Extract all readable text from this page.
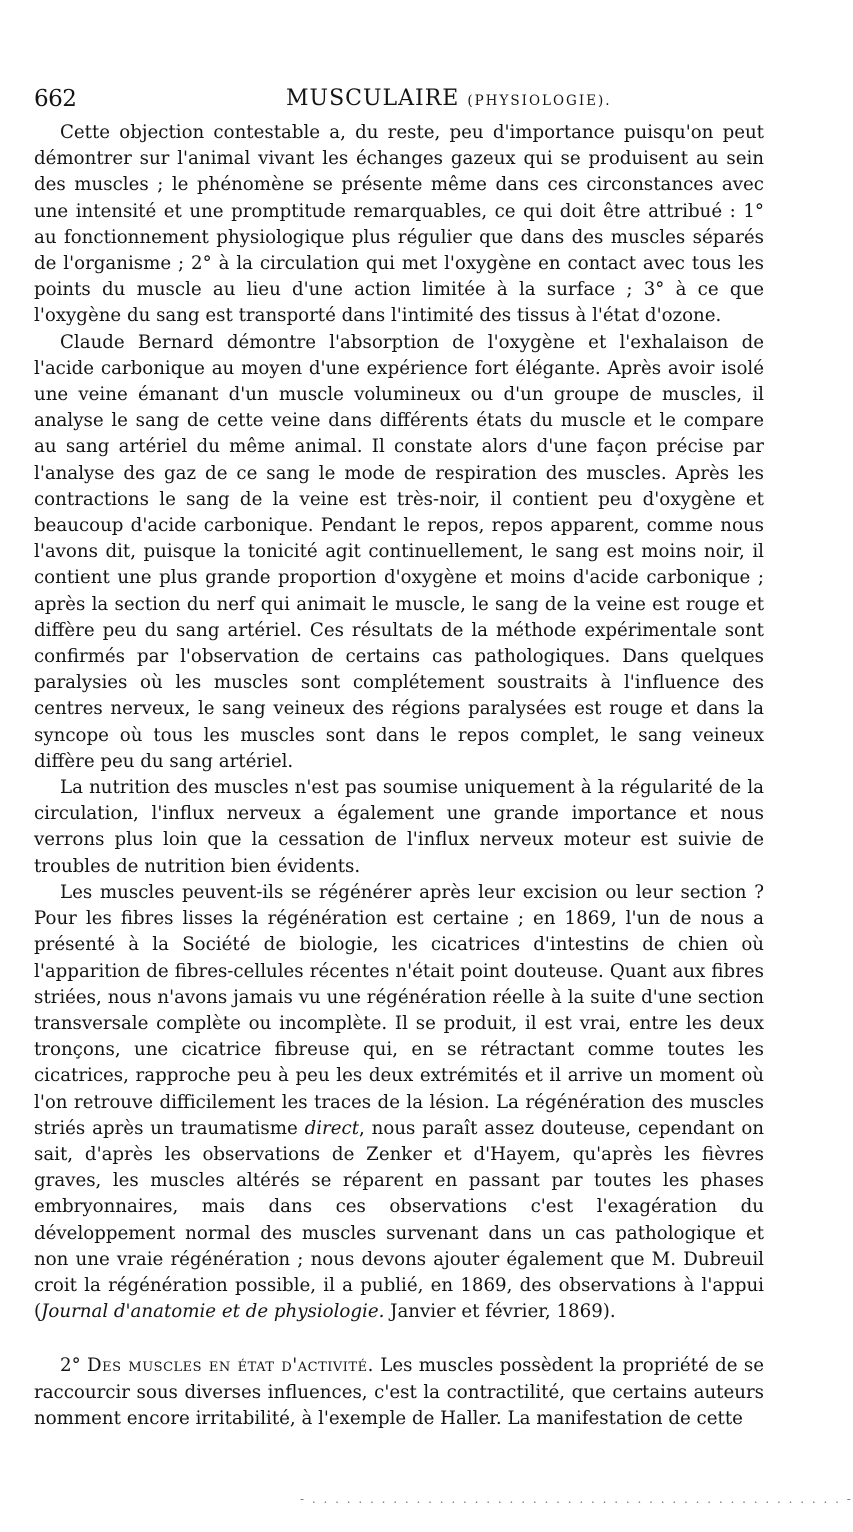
662	MUSCULAIRE (PHYSIOLOGIE).

Cette objection contestable a, du reste, peu d'importance puisqu'on peut démontrer sur l'animal vivant les échanges gazeux qui se produisent au sein des muscles ; le phénomène se présente même dans ces circonstances avec une intensité et une promptitude remarquables, ce qui doit être attribué : 1° au fonctionnement physiologique plus régulier que dans des muscles séparés de l'organisme ; 2° à la circulation qui met l'oxygène en contact avec tous les points du muscle au lieu d'une action limitée à la surface ; 3° à ce que l'oxygène du sang est transporté dans l'intimité des tissus à l'état d'ozone.

Claude Bernard démontre l'absorption de l'oxygène et l'exhalaison de l'acide carbonique au moyen d'une expérience fort élégante. Après avoir isolé une veine émanant d'un muscle volumineux ou d'un groupe de muscles, il analyse le sang de cette veine dans différents états du muscle et le compare au sang artériel du même animal. Il constate alors d'une façon précise par l'analyse des gaz de ce sang le mode de respiration des muscles. Après les contractions le sang de la veine est très-noir, il contient peu d'oxygène et beaucoup d'acide carbonique. Pendant le repos, repos apparent, comme nous l'avons dit, puisque la tonicité agit continuellement, le sang est moins noir, il contient une plus grande proportion d'oxygène et moins d'acide carbonique ; après la section du nerf qui animait le muscle, le sang de la veine est rouge et diffère peu du sang artériel. Ces résultats de la méthode expérimentale sont confirmés par l'observation de certains cas pathologiques. Dans quelques paralysies où les muscles sont complétement soustraits à l'influence des centres nerveux, le sang veineux des régions paralysées est rouge et dans la syncope où tous les muscles sont dans le repos complet, le sang veineux diffère peu du sang artériel.

La nutrition des muscles n'est pas soumise uniquement à la régularité de la circulation, l'influx nerveux a également une grande importance et nous verrons plus loin que la cessation de l'influx nerveux moteur est suivie de troubles de nutrition bien évidents.

Les muscles peuvent-ils se régénérer après leur excision ou leur section ? Pour les fibres lisses la régénération est certaine ; en 1869, l'un de nous a présenté à la Société de biologie, les cicatrices d'intestins de chien où l'apparition de fibres-cellules récentes n'était point douteuse. Quant aux fibres striées, nous n'avons jamais vu une régénération réelle à la suite d'une section transversale complète ou incomplète. Il se produit, il est vrai, entre les deux tronçons, une cicatrice fibreuse qui, en se rétractant comme toutes les cicatrices, rapproche peu à peu les deux extrémités et il arrive un moment où l'on retrouve difficilement les traces de la lésion. La régénération des muscles striés après un traumatisme direct, nous paraît assez douteuse, cependant on sait, d'après les observations de Zenker et d'Hayem, qu'après les fièvres graves, les muscles altérés se réparent en passant par toutes les phases embryonnaires, mais dans ces observations c'est l'exagération du développement normal des muscles survenant dans un cas pathologique et non une vraie régénération ; nous devons ajouter également que M. Dubreuil croit la régénération possible, il a publié, en 1869, des observations à l'appui (Journal d'anatomie et de physiologie. Janvier et février, 1869).

2° Des muscles en état d'activité. Les muscles possèdent la propriété de se raccourcir sous diverses influences, c'est la contractilité, que certains auteurs nomment encore irritabilité, à l'exemple de Haller. La manifestation de cette

- . . . . . . . . . . . . . . . . . . . . . . . . . . . . . . . . . . . . . . . . . . . . . . -
